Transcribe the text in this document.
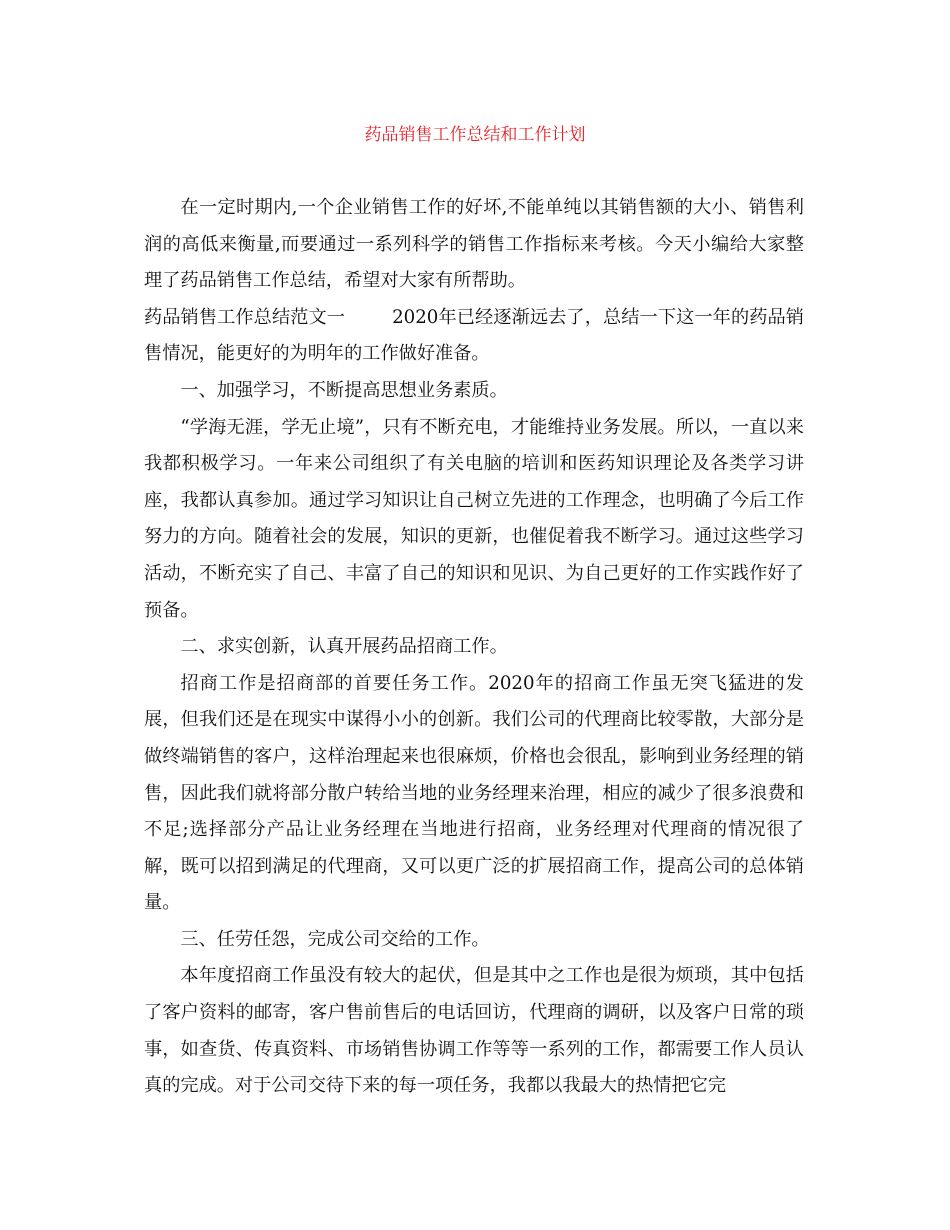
药品销售工作总结和工作计划

在一定时期内,一个企业销售工作的好坏,不能单纯以其销售额的大小、销售利润的高低来衡量,而要通过一系列科学的销售工作指标来考核。今天小编给大家整理了药品销售工作总结，希望对大家有所帮助。

药品销售工作总结范文一        2020年已经逐渐远去了，总结一下这一年的药品销售情况，能更好的为明年的工作做好准备。

一、加强学习，不断提高思想业务素质。

“学海无涯，学无止境”，只有不断充电，才能维持业务发展。所以，一直以来我都积极学习。一年来公司组织了有关电脑的培训和医药知识理论及各类学习讲座，我都认真参加。通过学习知识让自己树立先进的工作理念，也明确了今后工作努力的方向。随着社会的发展，知识的更新，也催促着我不断学习。通过这些学习活动，不断充实了自己、丰富了自己的知识和见识、为自己更好的工作实践作好了预备。

二、求实创新，认真开展药品招商工作。

招商工作是招商部的首要任务工作。2020年的招商工作虽无突飞猛进的发展，但我们还是在现实中谋得小小的创新。我们公司的代理商比较零散，大部分是做终端销售的客户，这样治理起来也很麻烦，价格也会很乱，影响到业务经理的销售，因此我们就将部分散户转给当地的业务经理来治理，相应的减少了很多浪费和不足;选择部分产品让业务经理在当地进行招商，业务经理对代理商的情况很了解，既可以招到满足的代理商，又可以更广泛的扩展招商工作，提高公司的总体销量。

三、任劳任怨，完成公司交给的工作。

本年度招商工作虽没有较大的起伏，但是其中之工作也是很为烦琐，其中包括了客户资料的邮寄，客户售前售后的电话回访，代理商的调研，以及客户日常的琐事，如查货、传真资料、市场销售协调工作等等一系列的工作，都需要工作人员认真的完成。对于公司交待下来的每一项任务，我都以我最大的热情把它完
